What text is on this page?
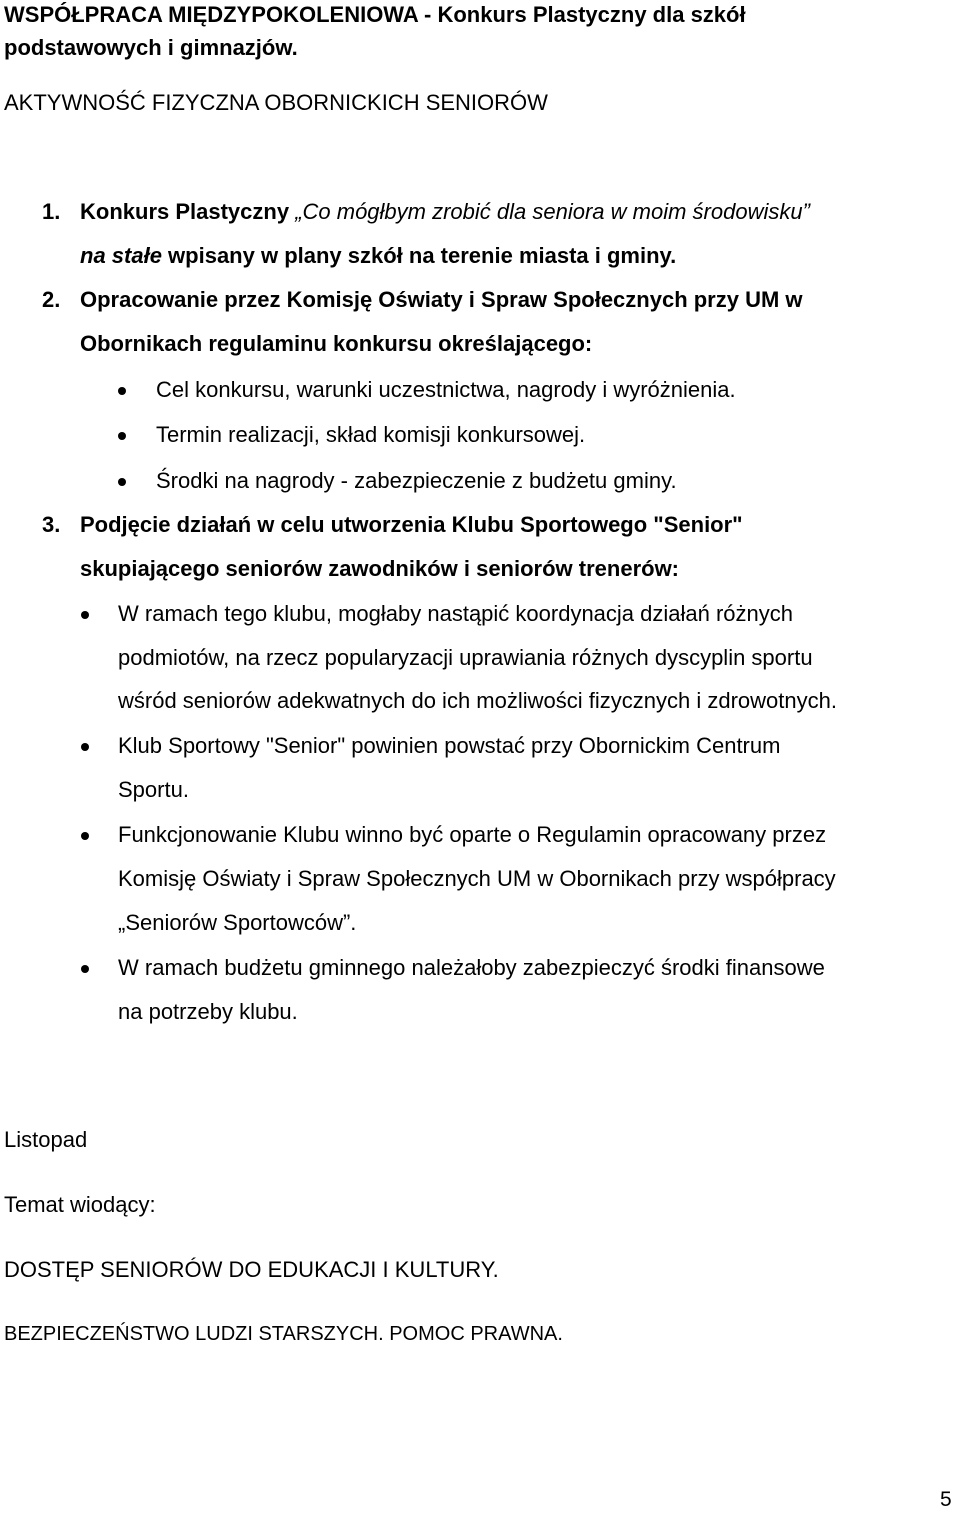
WSPÓŁPRACA MIĘDZYPOKOLENIOWA - Konkurs Plastyczny dla szkół
podstawowych i gimnazjów.
AKTYWNOŚĆ FIZYCZNA OBORNICKICH SENIORÓW
1. Konkurs Plastyczny „Co mógłbym zrobić dla seniora w moim środowisku”
na stałe wpisany w plany szkół na terenie miasta i gminy.
2. Opracowanie przez Komisję Oświaty i Spraw Społecznych przy UM w
Obornikach regulaminu konkursu określającego:
Cel konkursu, warunki uczestnictwa, nagrody i wyróżnienia.
Termin realizacji, skład komisji konkursowej.
Środki na nagrody - zabezpieczenie z budżetu gminy.
3. Podjęcie działań w celu utworzenia Klubu Sportowego "Senior"
skupiającego seniorów zawodników i seniorów trenerów:
W ramach tego klubu, mogłaby nastąpić koordynacja działań różnych
podmiotów, na rzecz popularyzacji uprawiania różnych dyscyplin sportu
wśród seniorów adekwatnych do ich możliwości fizycznych i zdrowotnych.
Klub Sportowy "Senior" powinien powstać przy Obornickim Centrum
Sportu.
Funkcjonowanie Klubu winno być oparte o Regulamin opracowany przez
Komisję Oświaty i Spraw Społecznych UM w Obornikach przy współpracy
„Seniorów Sportowców”.
W ramach budżetu gminnego należałoby zabezpieczyć środki finansowe
na potrzeby klubu.
Listopad
Temat wiodący:
DOSTĘP SENIORÓW DO EDUKACJI I KULTURY.
BEZPIECZEŃSTWO LUDZI STARSZYCH. POMOC PRAWNA.
5
